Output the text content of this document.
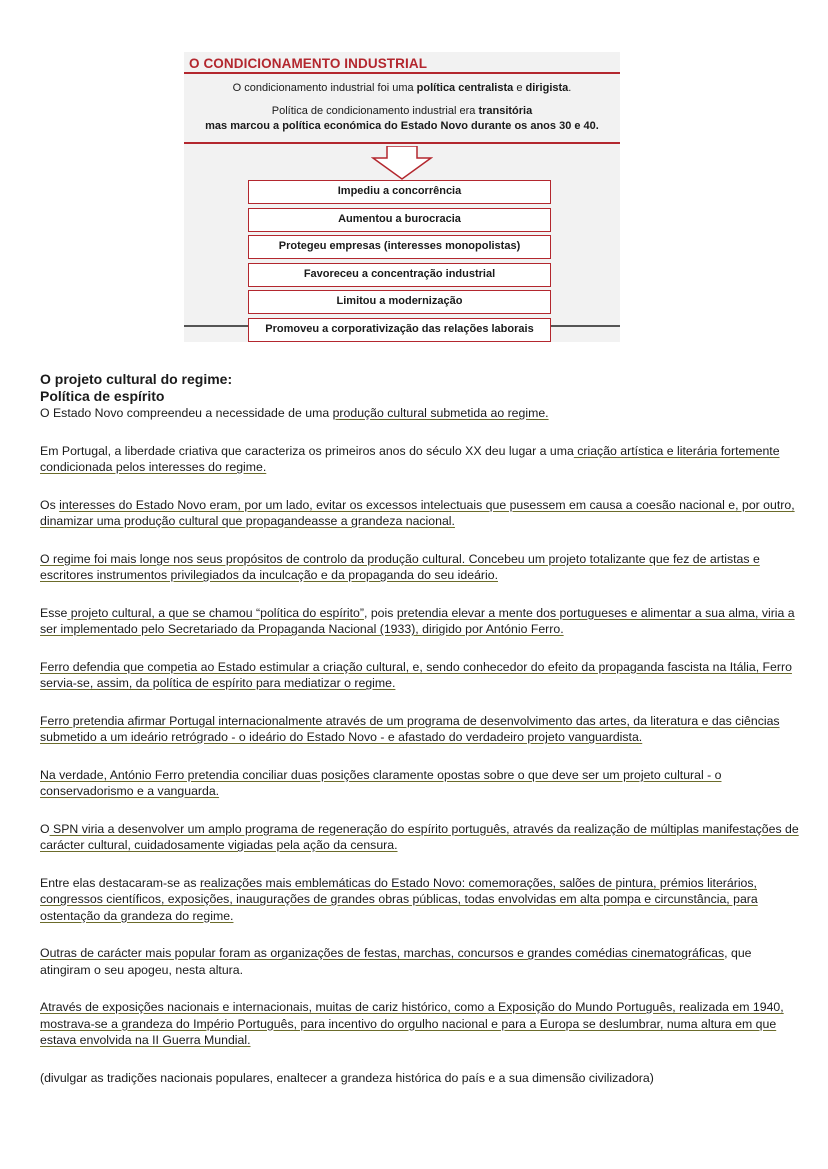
O CONDICIONAMENTO INDUSTRIAL
O condicionamento industrial foi uma política centralista e dirigista.
Política de condicionamento industrial era transitória
mas marcou a política económica do Estado Novo durante os anos 30 e 40.
Impediu a concorrência
Aumentou a burocracia
Protegeu empresas (interesses monopolistas)
Favoreceu a concentração industrial
Limitou a modernização
Promoveu a corporativização das relações laborais
O projeto cultural do regime:
Política de espírito

O Estado Novo compreendeu a necessidade de uma produção cultural submetida ao regime.

Em Portugal, a liberdade criativa que caracteriza os primeiros anos do século XX deu lugar a uma criação artística e literária fortemente condicionada pelos interesses do regime.

Os interesses do Estado Novo eram, por um lado, evitar os excessos intelectuais que pusessem em causa a coesão nacional e, por outro, dinamizar uma produção cultural que propagandeasse a grandeza nacional.

O regime foi mais longe nos seus propósitos de controlo da produção cultural. Concebeu um projeto totalizante que fez de artistas e escritores instrumentos privilegiados da inculcação e da propaganda do seu ideário.

Esse projeto cultural, a que se chamou “política do espírito”, pois pretendia elevar a mente dos portugueses e alimentar a sua alma, viria a ser implementado pelo Secretariado da Propaganda Nacional (1933), dirigido por António Ferro.

Ferro defendia que competia ao Estado estimular a criação cultural, e, sendo conhecedor do efeito da propaganda fascista na Itália, Ferro servia-se, assim, da política de espírito para mediatizar o regime.

Ferro pretendia afirmar Portugal internacionalmente através de um programa de desenvolvimento das artes, da literatura e das ciências submetido a um ideário retrógrado - o ideário do Estado Novo - e afastado do verdadeiro projeto vanguardista.

Na verdade, António Ferro pretendia conciliar duas posições claramente opostas sobre o que deve ser um projeto cultural - o conservadorismo e a vanguarda.

O SPN viria a desenvolver um amplo programa de regeneração do espírito português, através da realização de múltiplas manifestações de carácter cultural, cuidadosamente vigiadas pela ação da censura.

Entre elas destacaram-se as realizações mais emblemáticas do Estado Novo: comemorações, salões de pintura, prémios literários, congressos científicos, exposições, inaugurações de grandes obras públicas, todas envolvidas em alta pompa e circunstância, para ostentação da grandeza do regime.

Outras de carácter mais popular foram as organizações de festas, marchas, concursos e grandes comédias cinematográficas, que atingiram o seu apogeu, nesta altura.

Através de exposições nacionais e internacionais, muitas de cariz histórico, como a Exposição do Mundo Português, realizada em 1940, mostrava-se a grandeza do Império Português, para incentivo do orgulho nacional e para a Europa se deslumbrar, numa altura em que estava envolvida na II Guerra Mundial.

(divulgar as tradições nacionais populares, enaltecer a grandeza histórica do país e a sua dimensão civilizadora)
